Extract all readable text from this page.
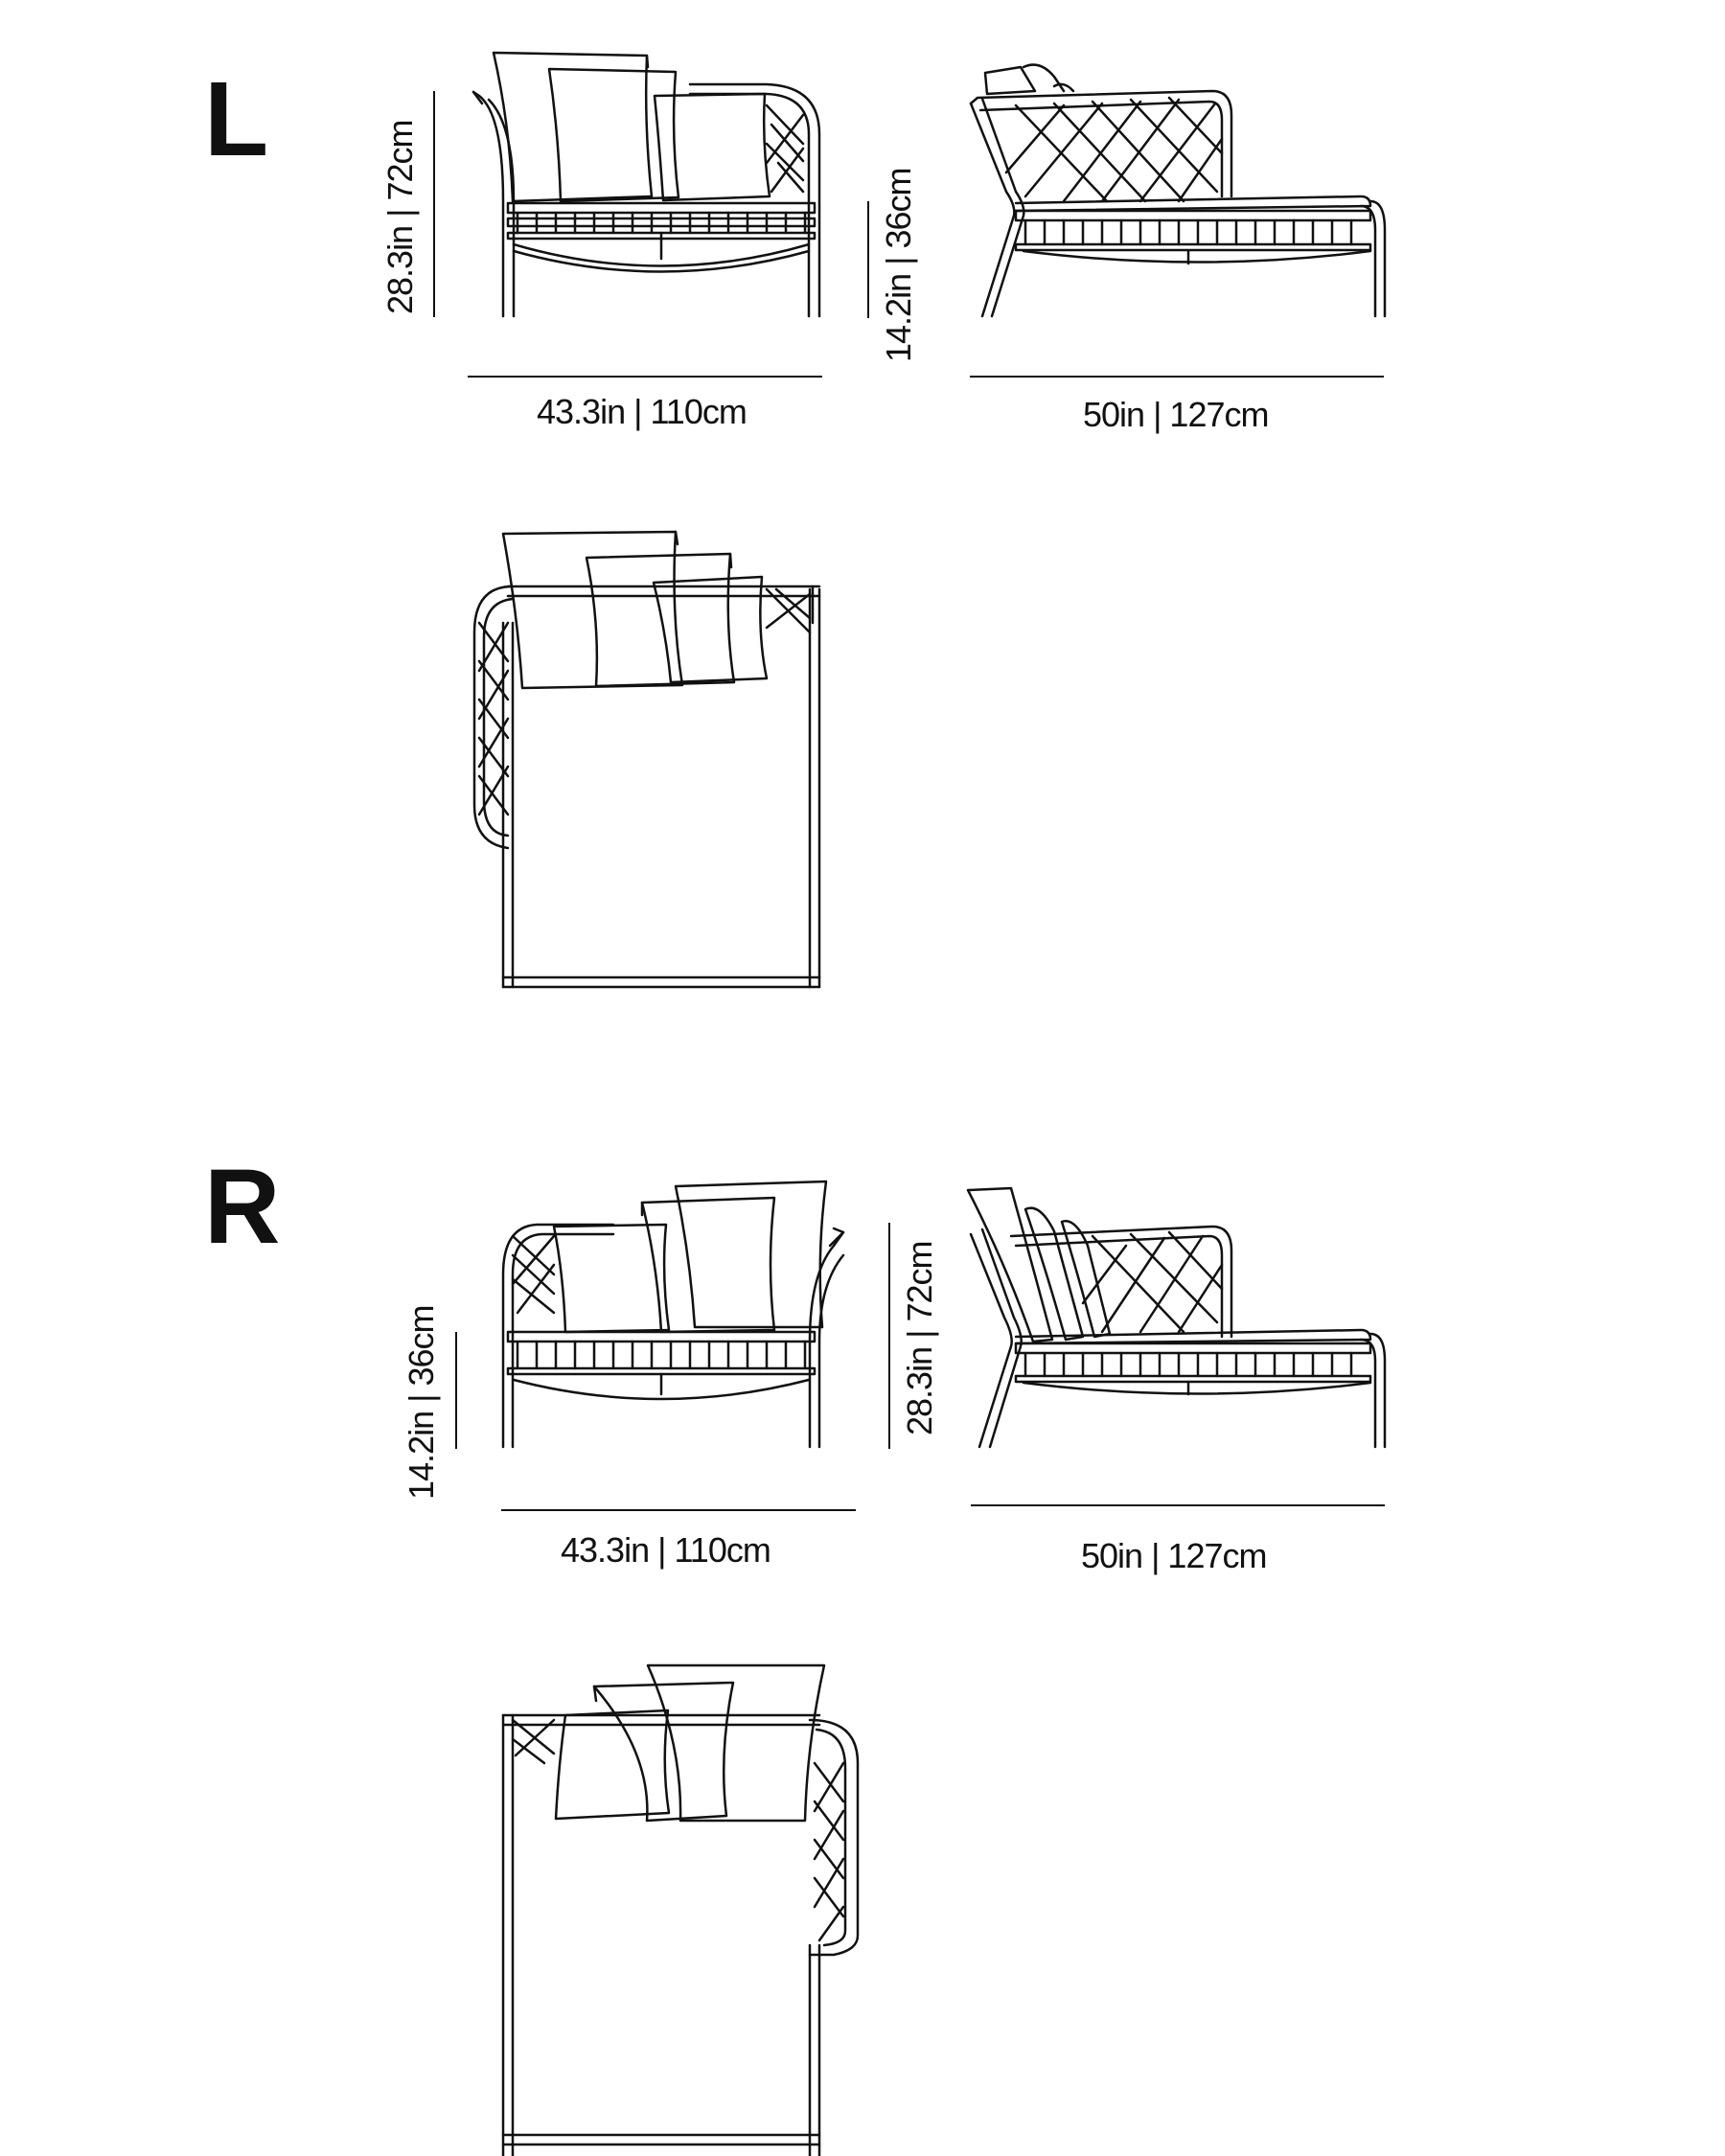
L
R
28.3in | 72cm
43.3in | 110cm
14.2in | 36cm
50in | 127cm
14.2in | 36cm
43.3in | 110cm
28.3in | 72cm
50in | 127cm
